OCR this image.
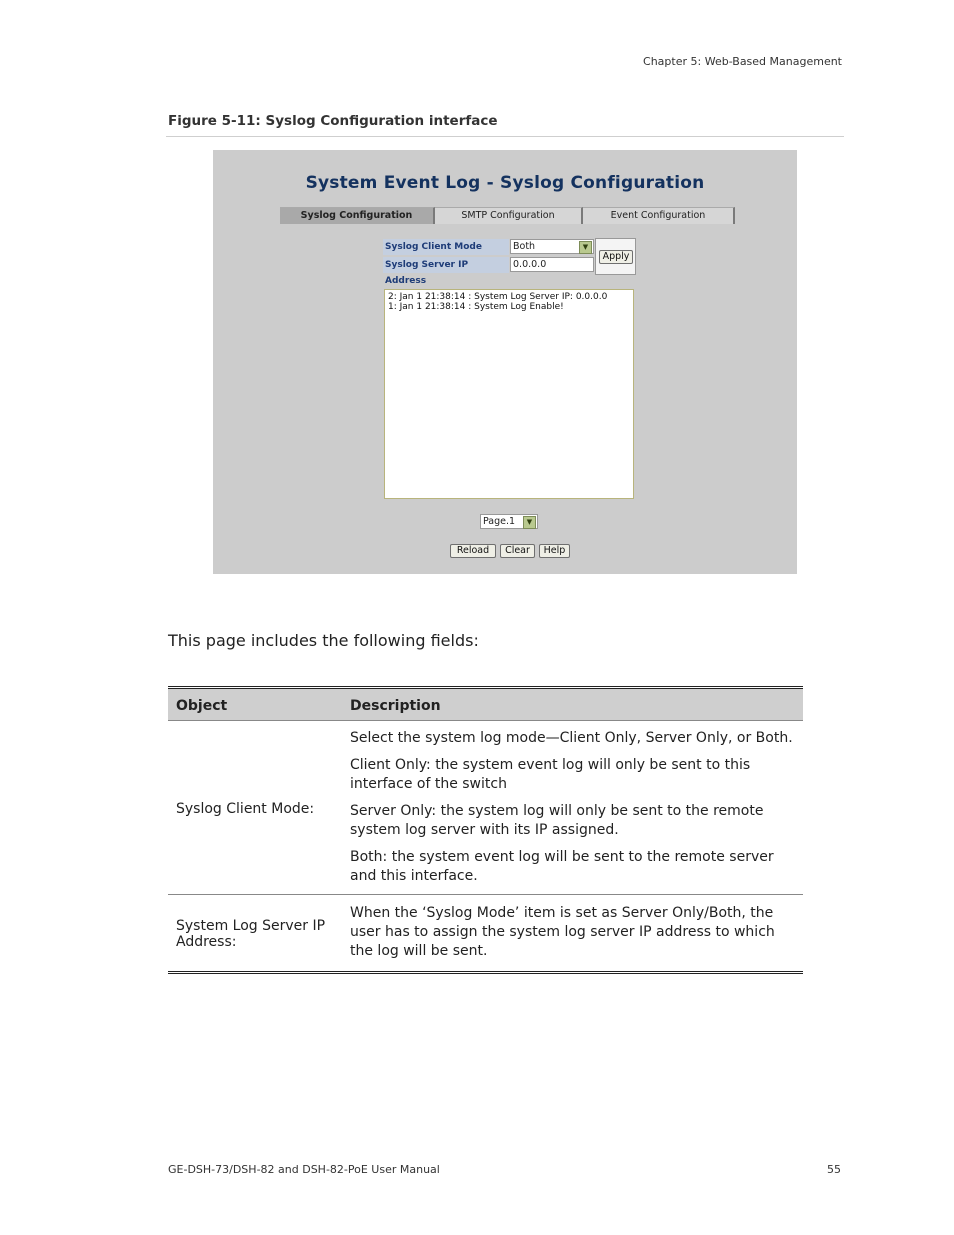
Chapter 5: Web-Based Management
Figure 5-11: Syslog Configuration interface
System Event Log - Syslog Configuration
Syslog Configuration	SMTP Configuration	Event Configuration
Syslog Client Mode	Both	▼
Syslog Server IP Address
0.0.0.0
Apply
2: Jan 1 21:38:14 : System Log Server IP: 0.0.0.0
1: Jan 1 21:38:14 : System Log Enable!
Page.1	▼
Reload	Clear	Help
This page includes the following fields:
Object	Description
Syslog Client Mode:	Select the system log mode—Client Only, Server Only, or Both.
Client Only: the system event log will only be sent to this interface of the switch
Server Only: the system log will only be sent to the remote system log server with its IP assigned.
Both: the system event log will be sent to the remote server and this interface.

System Log Server IP Address:	When the ‘Syslog Mode’ item is set as Server Only/Both, the user has to assign the system log server IP address to which the log will be sent.
GE-DSH-73/DSH-82 and DSH-82-PoE User Manual	55
